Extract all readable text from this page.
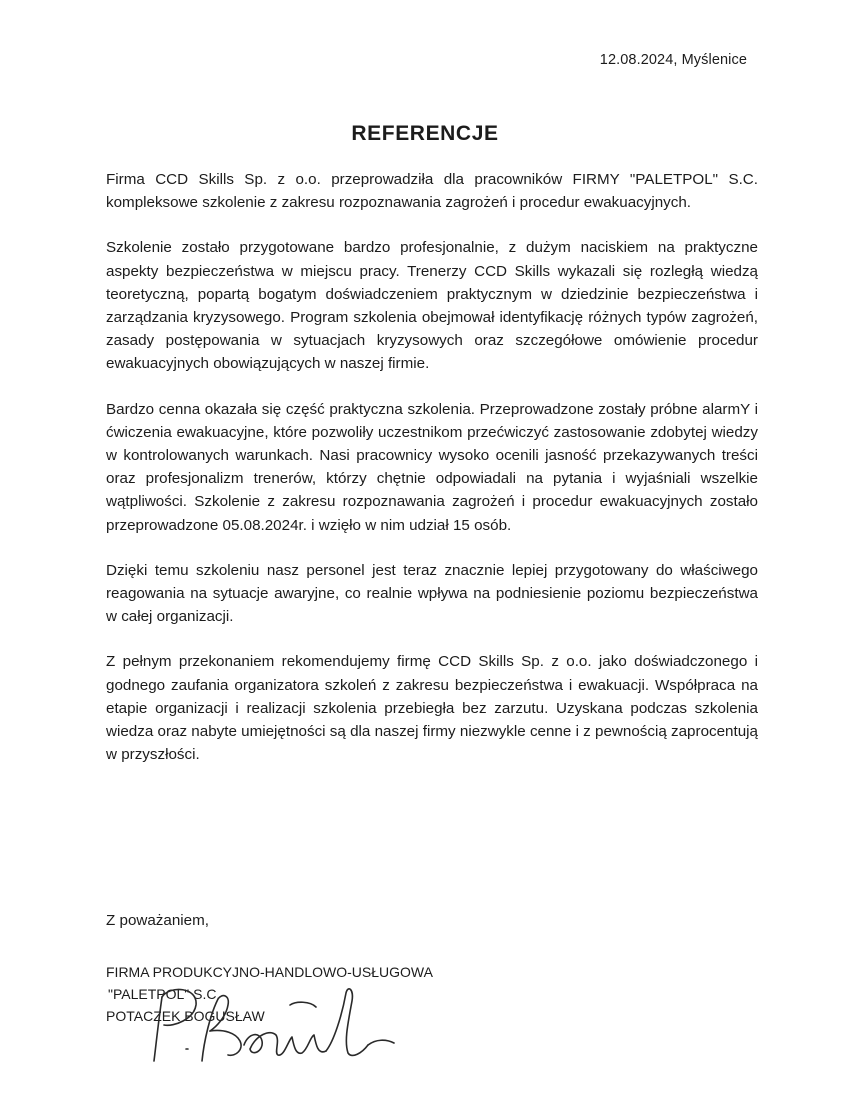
12.08.2024, Myślenice
REFERENCJE

Firma CCD Skills Sp. z o.o. przeprowadziła dla pracowników FIRMY "PALETPOL" S.C. kompleksowe szkolenie z zakresu rozpoznawania zagrożeń i procedur ewakuacyjnych.

Szkolenie zostało przygotowane bardzo profesjonalnie, z dużym naciskiem na praktyczne aspekty bezpieczeństwa w miejscu pracy. Trenerzy CCD Skills wykazali się rozległą wiedzą teoretyczną, popartą bogatym doświadczeniem praktycznym w dziedzinie bezpieczeństwa i zarządzania kryzysowego. Program szkolenia obejmował identyfikację różnych typów zagrożeń, zasady postępowania w sytuacjach kryzysowych oraz szczegółowe omówienie procedur ewakuacyjnych obowiązujących w naszej firmie.

Bardzo cenna okazała się część praktyczna szkolenia. Przeprowadzone zostały próbne alarmY i ćwiczenia ewakuacyjne, które pozwoliły uczestnikom przećwiczyć zastosowanie zdobytej wiedzy w kontrolowanych warunkach. Nasi pracownicy wysoko ocenili jasność przekazywanych treści oraz profesjonalizm trenerów, którzy chętnie odpowiadali na pytania i wyjaśniali wszelkie wątpliwości. Szkolenie z zakresu rozpoznawania zagrożeń i procedur ewakuacyjnych zostało przeprowadzone 05.08.2024r. i wzięło w nim udział 15 osób.

Dzięki temu szkoleniu nasz personel jest teraz znacznie lepiej przygotowany do właściwego reagowania na sytuacje awaryjne, co realnie wpływa na podniesienie poziomu bezpieczeństwa w całej organizacji.

Z pełnym przekonaniem rekomendujemy firmę CCD Skills Sp. z o.o. jako doświadczonego i godnego zaufania organizatora szkoleń z zakresu bezpieczeństwa i ewakuacji. Współpraca na etapie organizacji i realizacji szkolenia przebiegła bez zarzutu. Uzyskana podczas szkolenia wiedza oraz nabyte umiejętności są dla naszej firmy niezwykle cenne i z pewnością zaprocentują w przyszłości.

Z poważaniem,
FIRMA PRODUKCYJNO-HANDLOWO-USŁUGOWA
"PALETPOL" S.C.
POTACZEK BOGUSŁAW
